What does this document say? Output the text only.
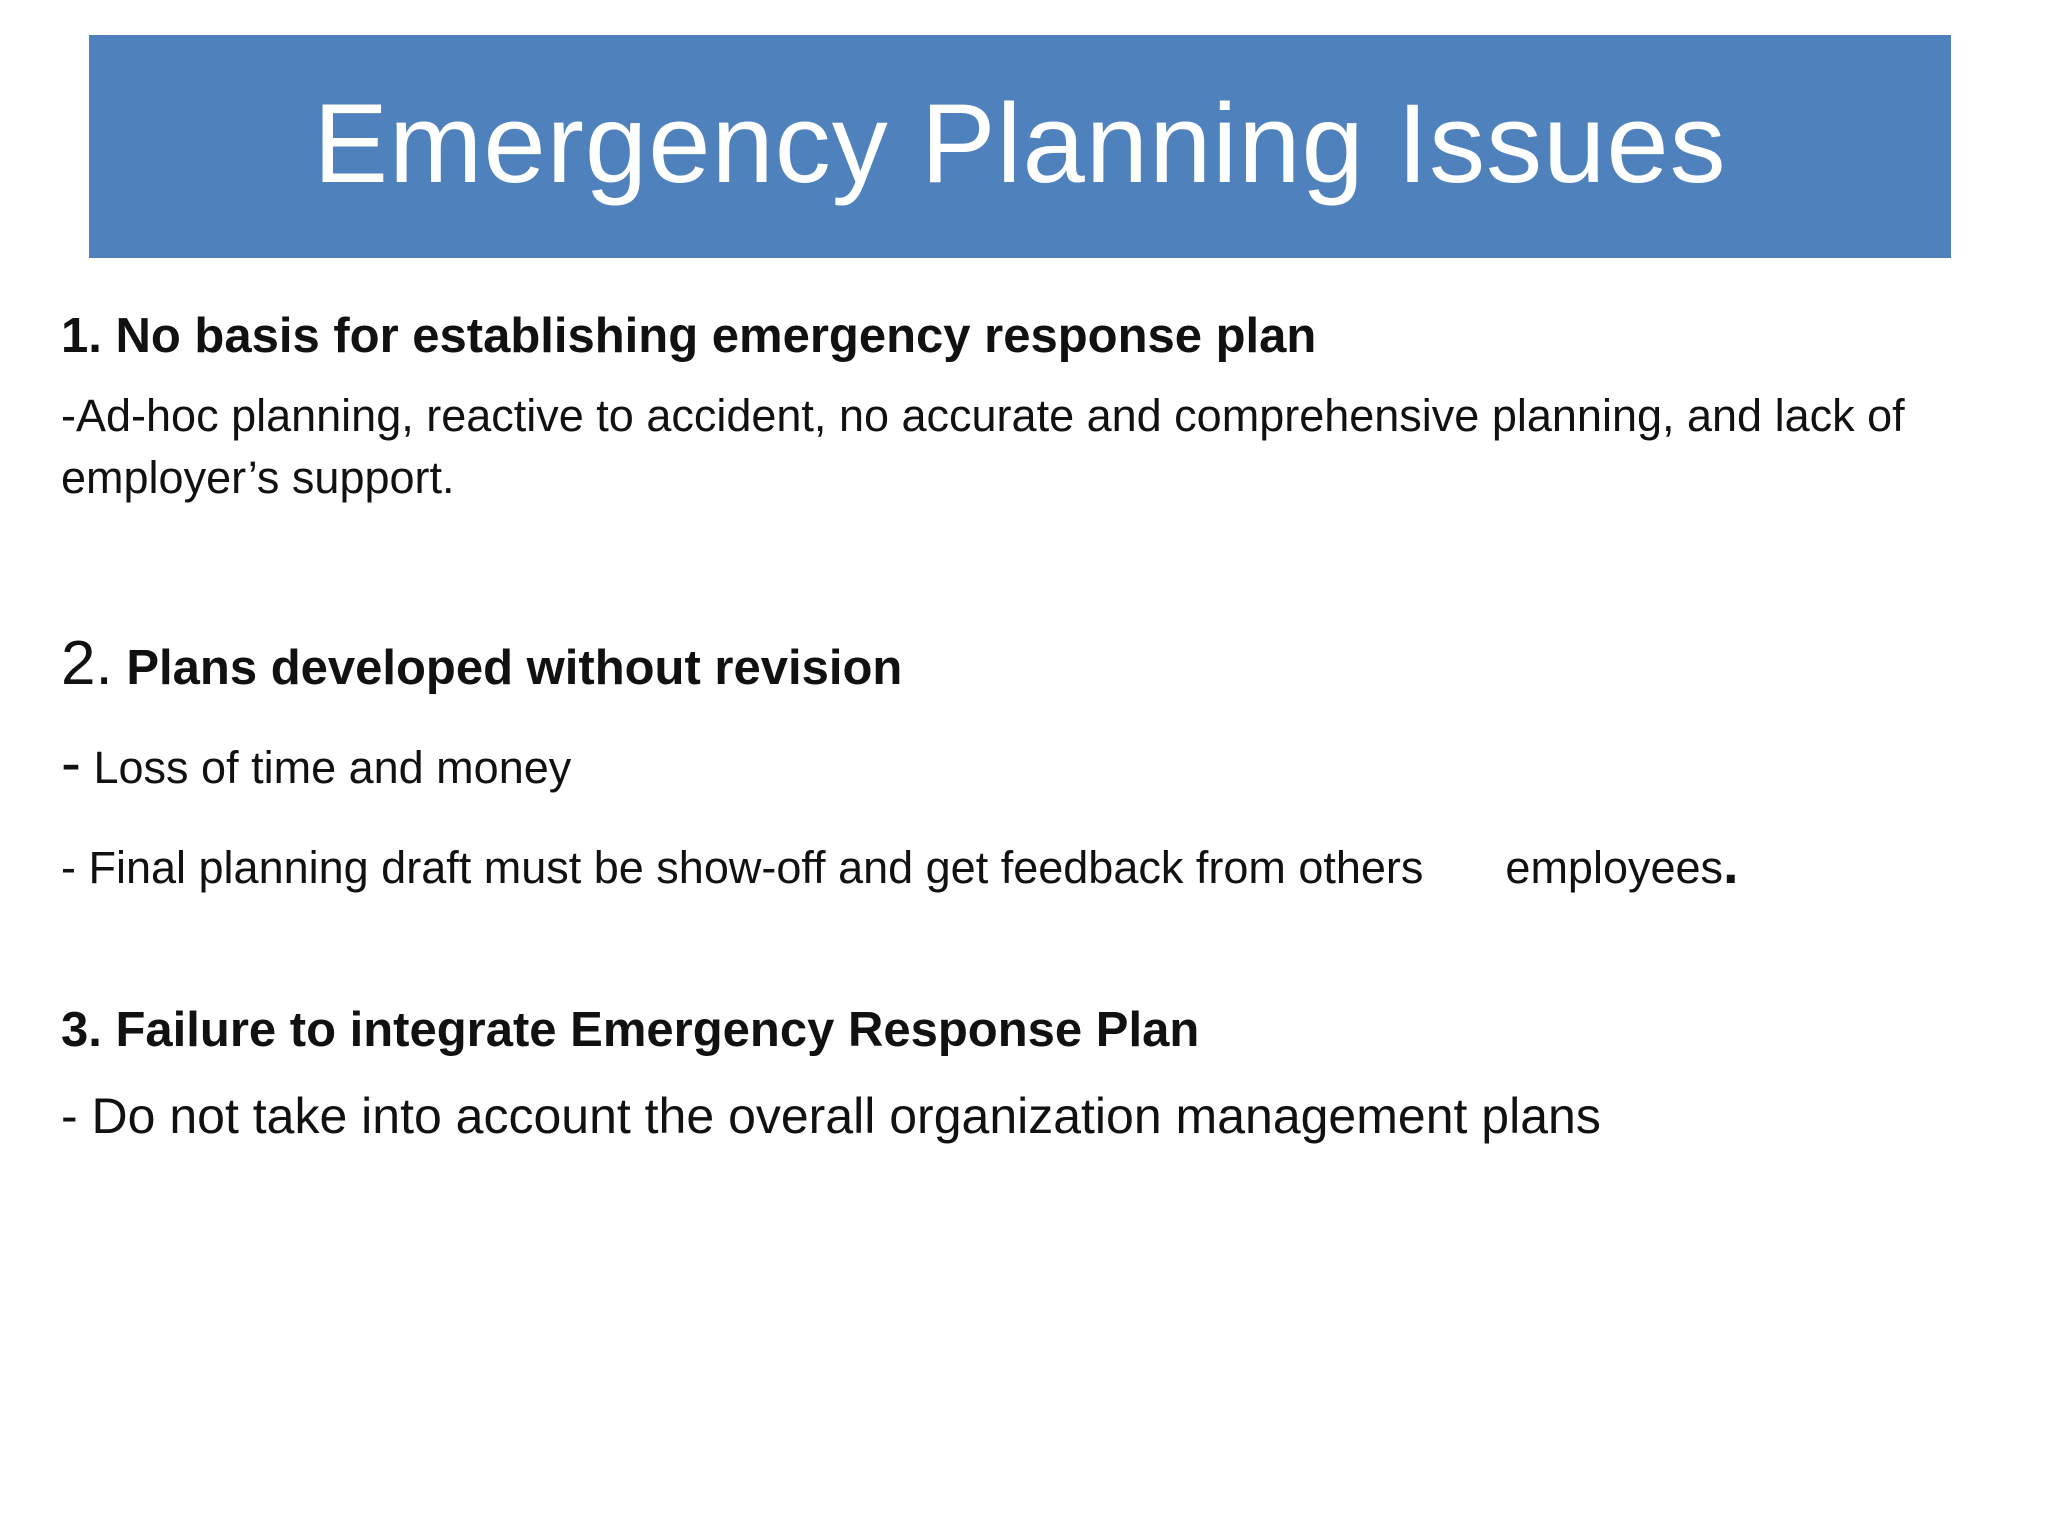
Emergency Planning Issues
1. No basis for establishing emergency response plan
-Ad-hoc planning, reactive to accident, no accurate and comprehensive planning, and lack of
employer’s support.
2. Plans developed without revision
- Loss of time and money
- Final planning draft must be show-off and get feedback from others employees.
3. Failure to integrate Emergency Response Plan
- Do not take into account the overall organization management plans
